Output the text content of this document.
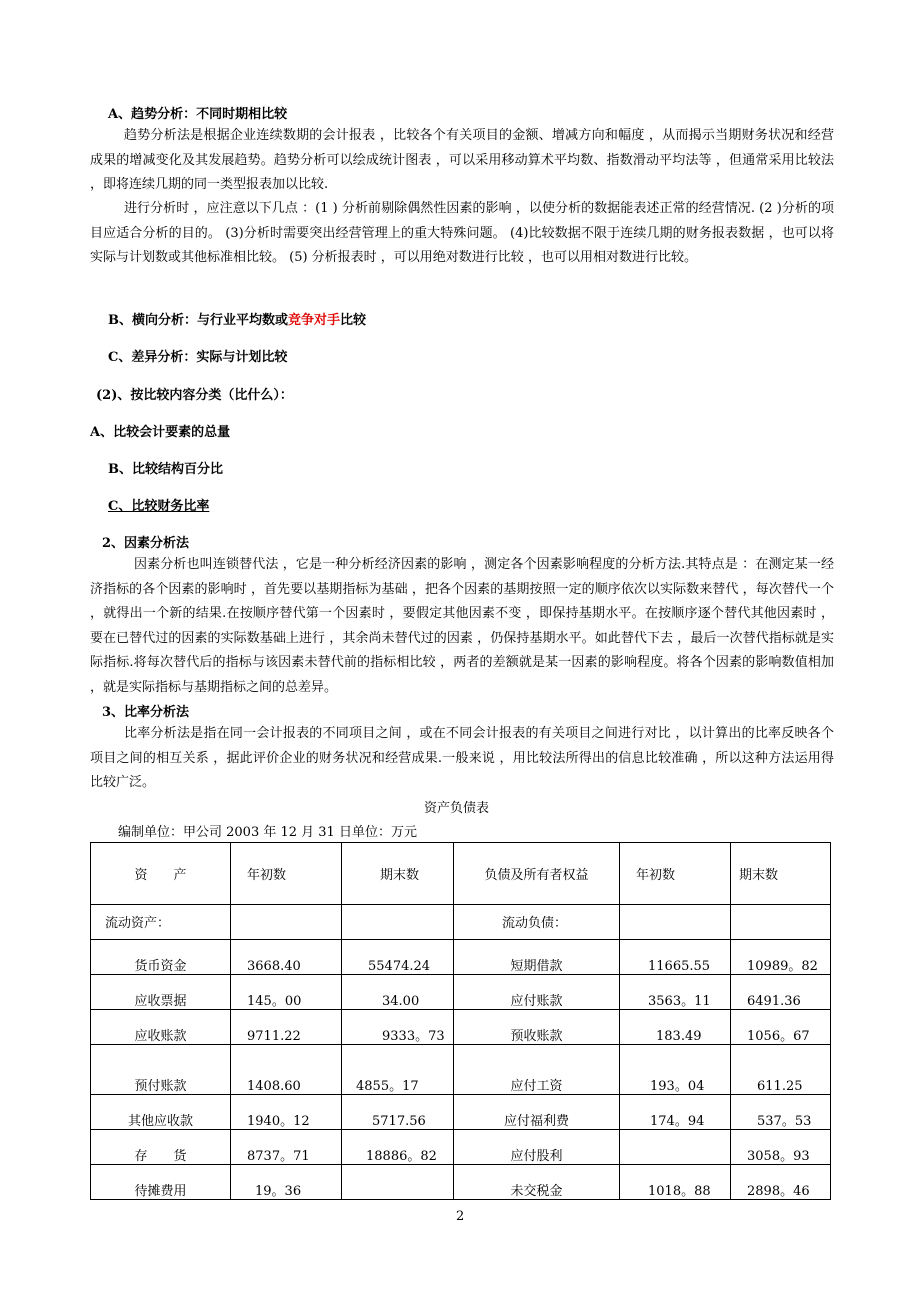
A、趋势分析：不同时期相比较
趋势分析法是根据企业连续数期的会计报表 ，比较各个有关项目的金额、增减方向和幅度 ，从而揭示当期财务状况和经营成果的增减变化及其发展趋势。趋势分析可以绘成统计图表 ，可以采用移动算术平均数、指数滑动平均法等 ，但通常采用比较法 ，即将连续几期的同一类型报表加以比较.
进行分析时 ，应注意以下几点 ：(1 ) 分析前剔除偶然性因素的影响 ，以使分析的数据能表述正常的经营情况. (2 )分析的项目应适合分析的目的。 (3)分析时需要突出经营管理上的重大特殊问题。 (4)比较数据不限于连续几期的财务报表数据 ，也可以将实际与计划数或其他标准相比较。 (5) 分析报表时 ，可以用绝对数进行比较 ，也可以用相对数进行比较。
B、横向分析：与行业平均数或竞争对手比较
C、差异分析：实际与计划比较
(2)、按比较内容分类（比什么）：
A、比较会计要素的总量
B、比较结构百分比
C、比较财务比率
2、因素分析法
因素分析也叫连锁替代法 ，它是一种分析经济因素的影响 ，测定各个因素影响程度的分析方法.其特点是 ：在测定某一经济指标的各个因素的影响时 ，首先要以基期指标为基础 ，把各个因素的基期按照一定的顺序依次以实际数来替代 ，每次替代一个 ，就得出一个新的结果.在按顺序替代第一个因素时 ，要假定其他因素不变 ，即保持基期水平。在按顺序逐个替代其他因素时 ，要在已替代过的因素的实际数基础上进行 ，其余尚未替代过的因素 ，仍保持基期水平。如此替代下去 ，最后一次替代指标就是实际指标.将每次替代后的指标与该因素未替代前的指标相比较 ，两者的差额就是某一因素的影响程度。将各个因素的影响数值相加 ，就是实际指标与基期指标之间的总差异。
3、比率分析法
比率分析法是指在同一会计报表的不同项目之间 ，或在不同会计报表的有关项目之间进行对比 ，以计算出的比率反映各个项目之间的相互关系 ，据此评价企业的财务状况和经营成果.一般来说 ，用比较法所得出的信息比较准确 ，所以这种方法运用得比较广泛。
资产负债表
编制单位：甲公司 2003 年 12 月 31 日单位：万元
资　　产	年初数	期末数	负债及所有者权益	年初数	期末数
流动资产：			流动负债：		
货币资金	3668.40	55474.24	短期借款	11665.55	10989。82
应收票据	145。00	34.00	应付账款	3563。11	6491.36
应收账款	9711.22	9333。73	预收账款	183.49	1056。67
预付账款	1408.60	4855。17	应付工资	193。04	611.25
其他应收款	1940。12	5717.56	应付福利费	174。94	537。53
存　　货	8737。71	18886。82	应付股利		3058。93
待摊费用	19。36		未交税金	1018。88	2898。46
2
